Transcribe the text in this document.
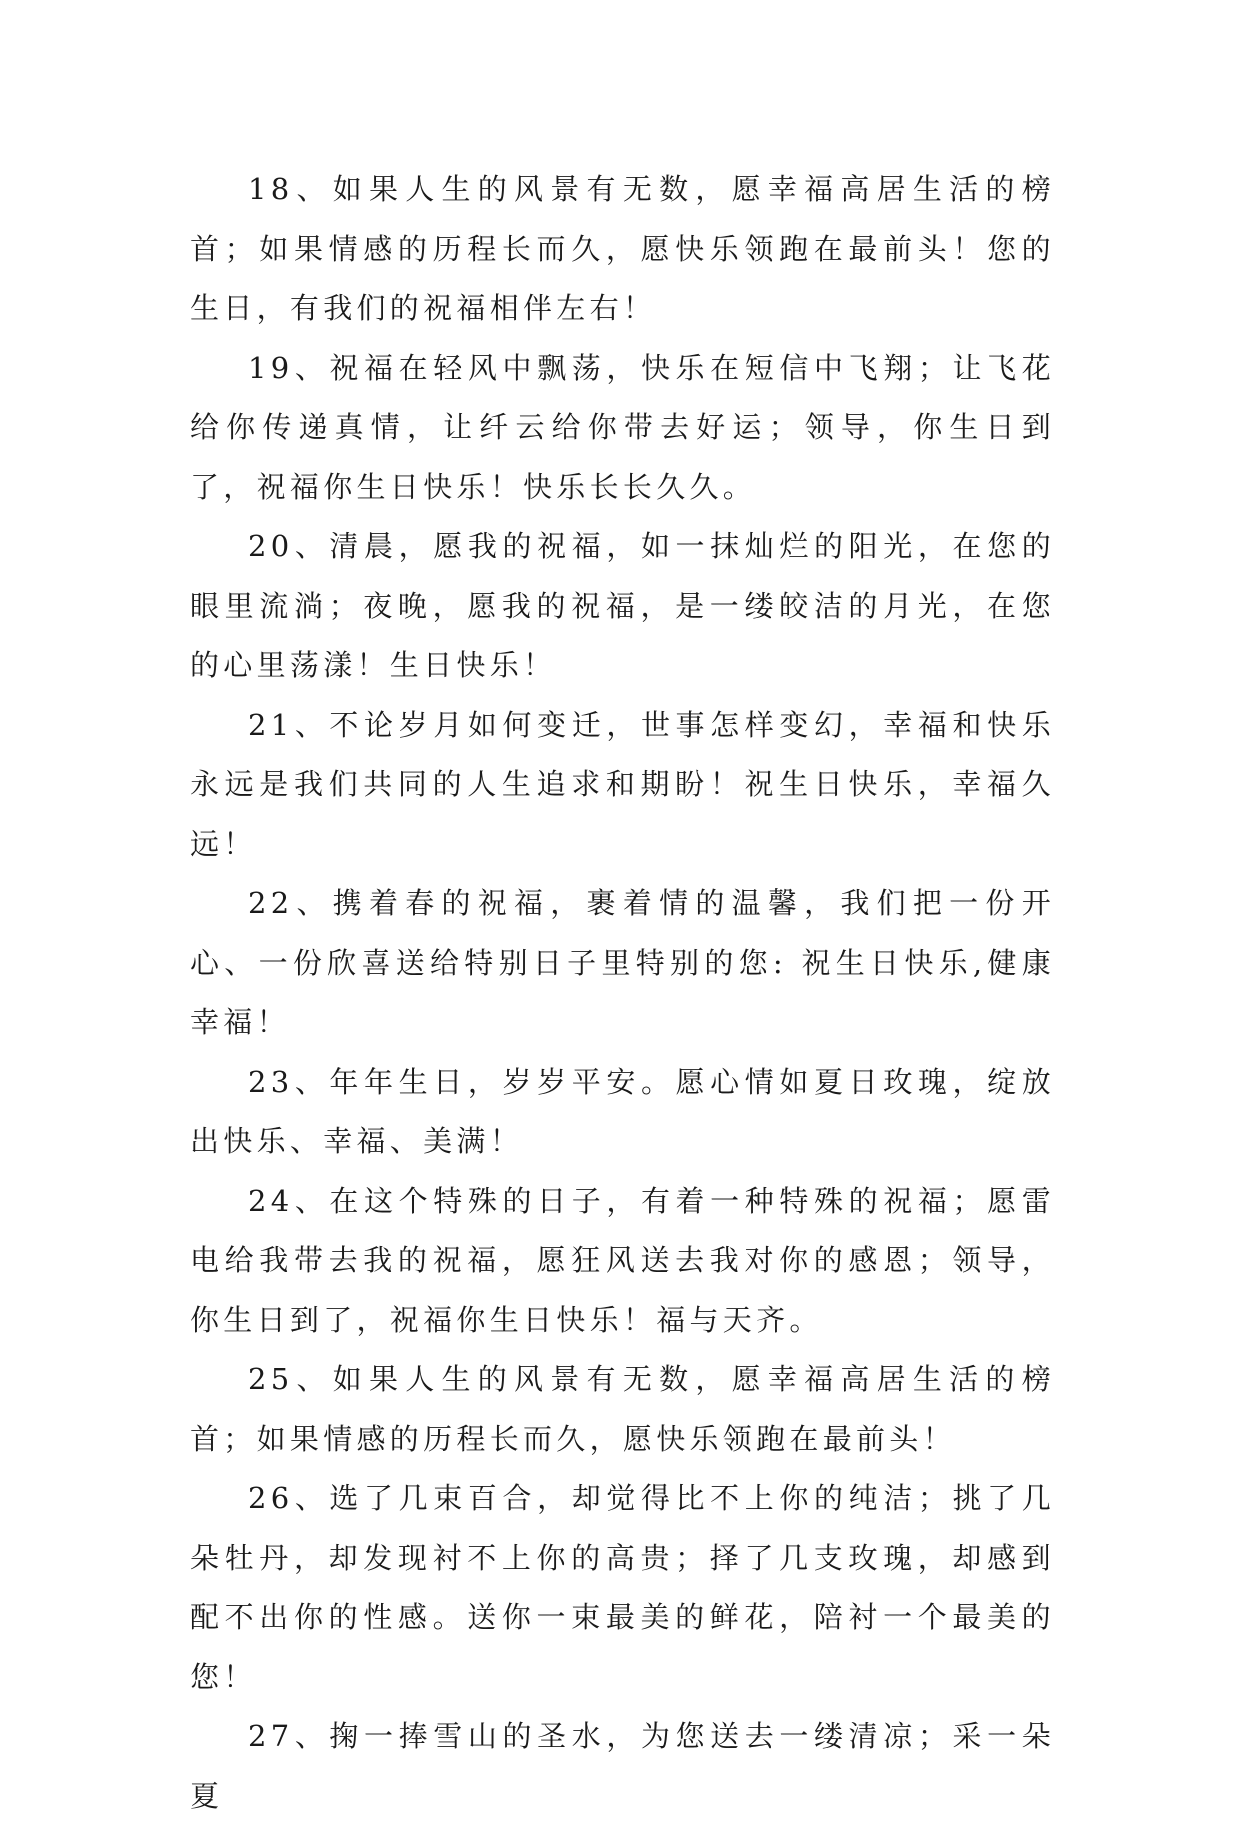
18、如果人生的风景有无数，愿幸福高居生活的榜首；如果情感的历程长而久，愿快乐领跑在最前头！您的生日，有我们的祝福相伴左右！

19、祝福在轻风中飘荡，快乐在短信中飞翔；让飞花给你传递真情，让纤云给你带去好运；领导，你生日到了，祝福你生日快乐！快乐长长久久。

20、清晨，愿我的祝福，如一抹灿烂的阳光，在您的眼里流淌；夜晚，愿我的祝福，是一缕皎洁的月光，在您的心里荡漾！生日快乐！

21、不论岁月如何变迁，世事怎样变幻，幸福和快乐永远是我们共同的人生追求和期盼！祝生日快乐，幸福久远！

22、携着春的祝福，裹着情的温馨，我们把一份开心、一份欣喜送给特别日子里特别的您: 祝生日快乐,健康幸福！

23、年年生日，岁岁平安。愿心情如夏日玫瑰，绽放出快乐、幸福、美满！

24、在这个特殊的日子，有着一种特殊的祝福；愿雷电给我带去我的祝福，愿狂风送去我对你的感恩；领导，你生日到了，祝福你生日快乐！福与天齐。

25、如果人生的风景有无数，愿幸福高居生活的榜首；如果情感的历程长而久，愿快乐领跑在最前头！

26、选了几束百合，却觉得比不上你的纯洁；挑了几朵牡丹，却发现衬不上你的高贵；择了几支玫瑰，却感到配不出你的性感。送你一束最美的鲜花，陪衬一个最美的您！

27、掬一捧雪山的圣水，为您送去一缕清凉；采一朵夏
